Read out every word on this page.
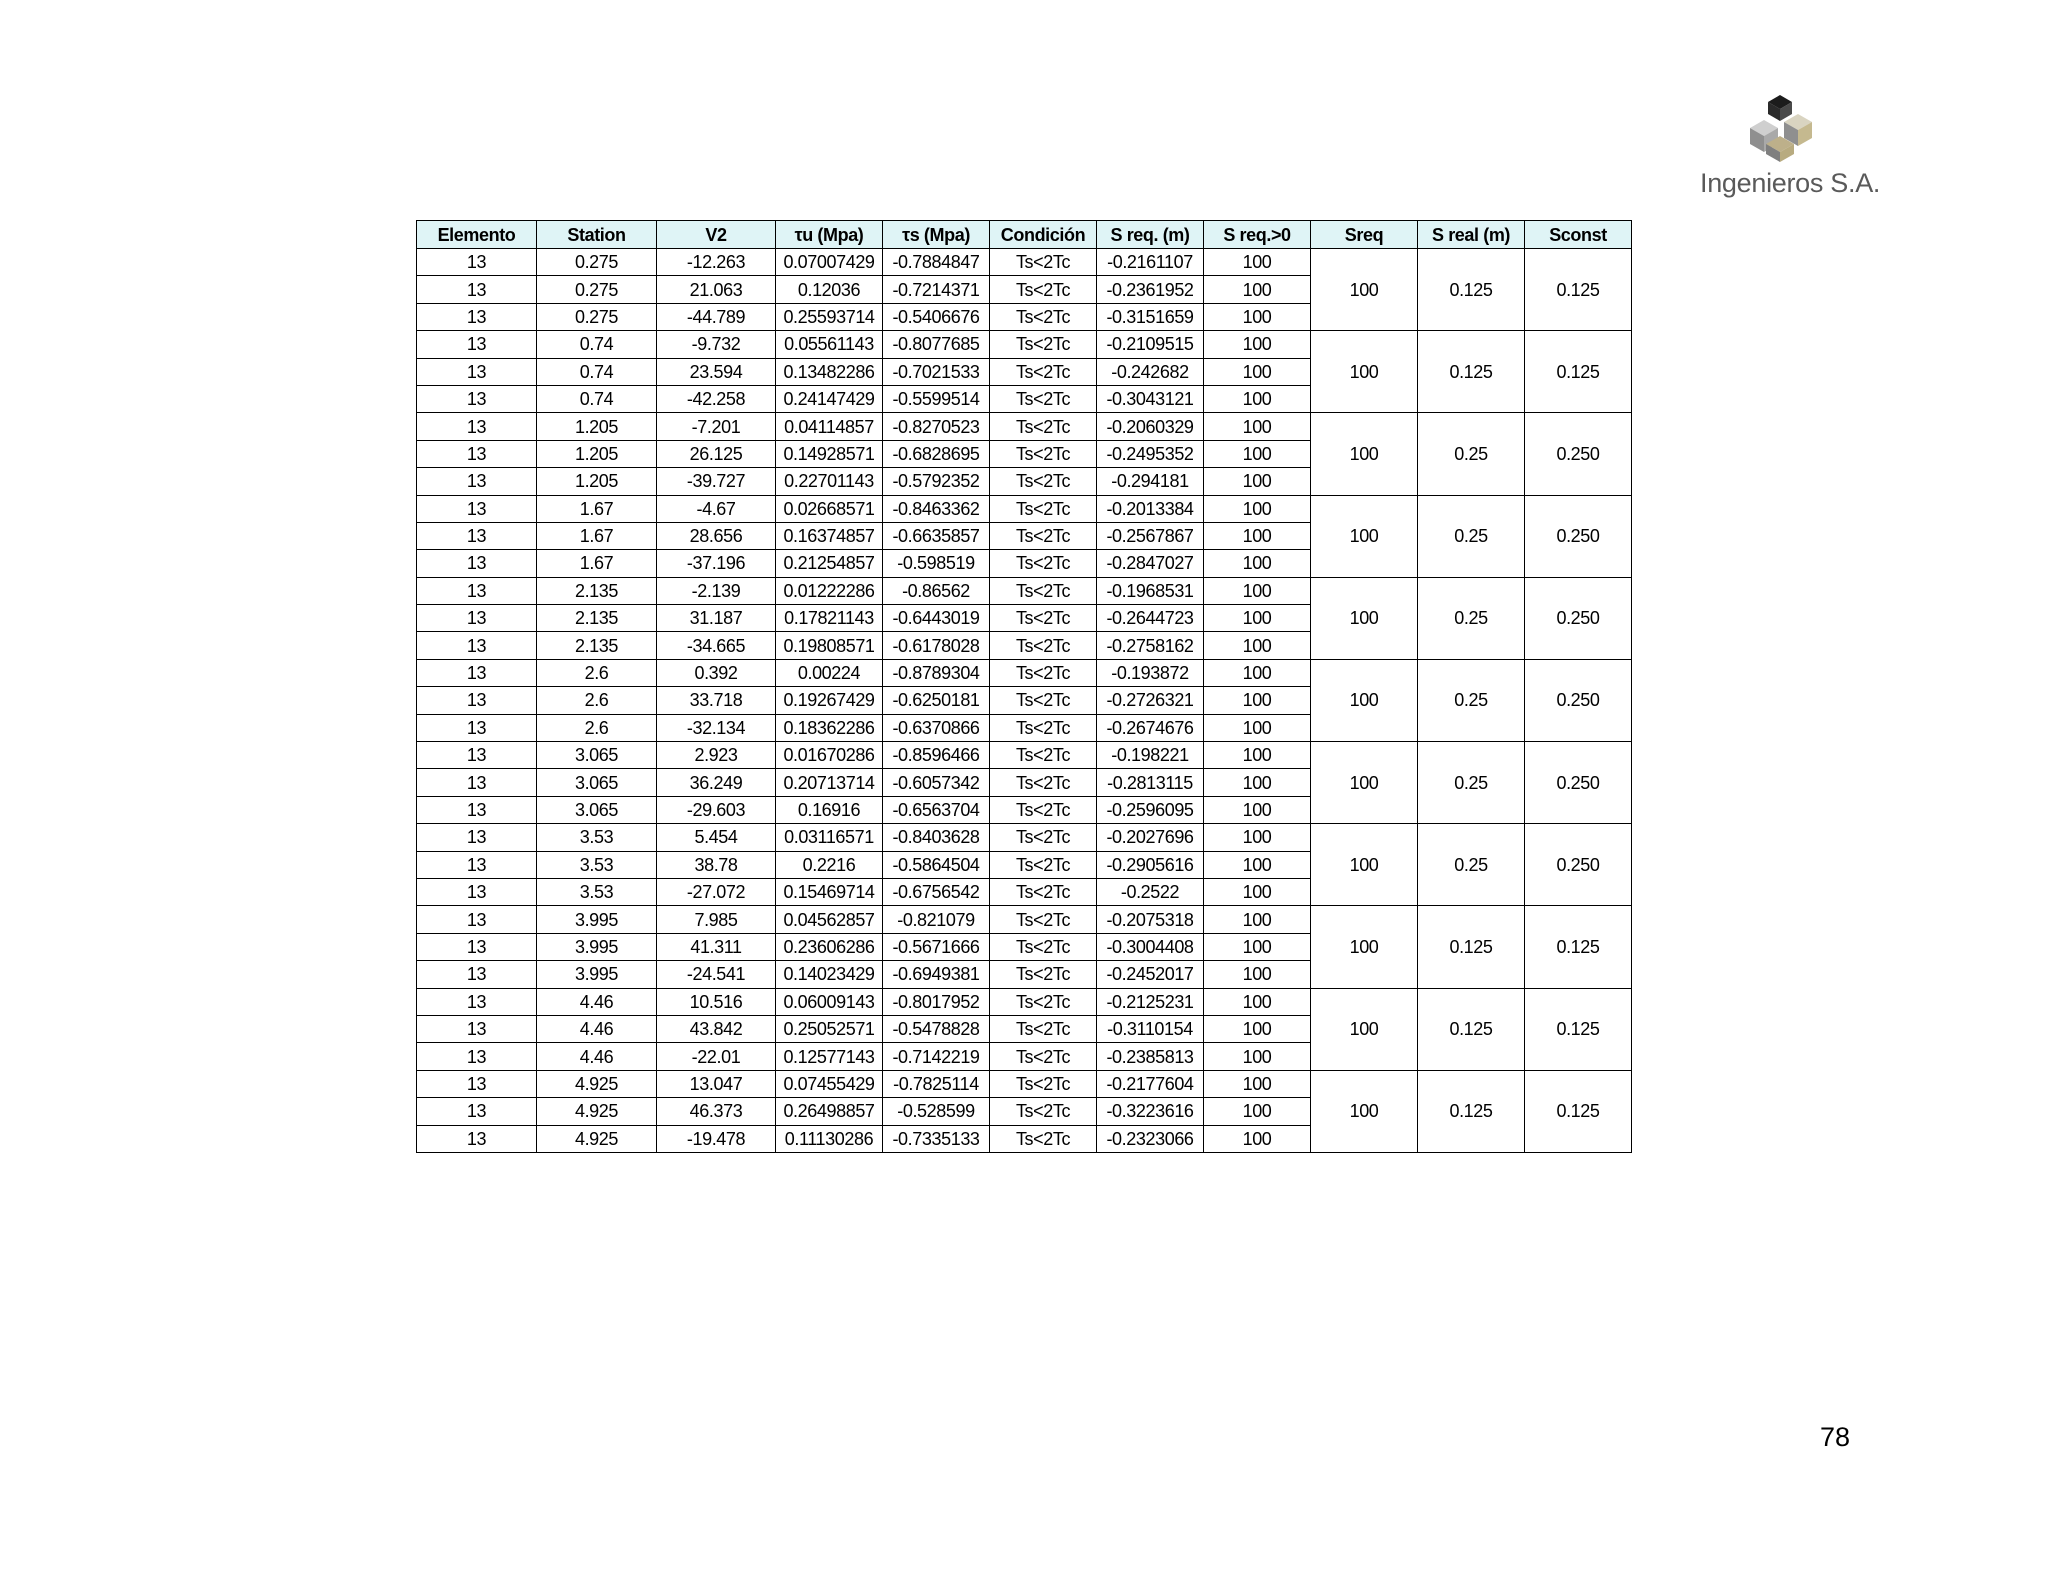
Ingenieros S.A.
Elemento	Station	V2	τu (Mpa)	τs (Mpa)	Condición	S req. (m)	S req.>0	Sreq	S real (m)	Sconst
13	0.275	-12.263	0.07007429	-0.7884847	Ts<2Tc	-0.2161107	100	100	0.125	0.125
13	0.275	21.063	0.12036	-0.7214371	Ts<2Tc	-0.2361952	100			
13	0.275	-44.789	0.25593714	-0.5406676	Ts<2Tc	-0.3151659	100			
13	0.74	-9.732	0.05561143	-0.8077685	Ts<2Tc	-0.2109515	100	100	0.125	0.125
13	0.74	23.594	0.13482286	-0.7021533	Ts<2Tc	-0.242682	100			
13	0.74	-42.258	0.24147429	-0.5599514	Ts<2Tc	-0.3043121	100			
13	1.205	-7.201	0.04114857	-0.8270523	Ts<2Tc	-0.2060329	100	100	0.25	0.250
13	1.205	26.125	0.14928571	-0.6828695	Ts<2Tc	-0.2495352	100			
13	1.205	-39.727	0.22701143	-0.5792352	Ts<2Tc	-0.294181	100			
13	1.67	-4.67	0.02668571	-0.8463362	Ts<2Tc	-0.2013384	100	100	0.25	0.250
13	1.67	28.656	0.16374857	-0.6635857	Ts<2Tc	-0.2567867	100			
13	1.67	-37.196	0.21254857	-0.598519	Ts<2Tc	-0.2847027	100			
13	2.135	-2.139	0.01222286	-0.86562	Ts<2Tc	-0.1968531	100	100	0.25	0.250
13	2.135	31.187	0.17821143	-0.6443019	Ts<2Tc	-0.2644723	100			
13	2.135	-34.665	0.19808571	-0.6178028	Ts<2Tc	-0.2758162	100			
13	2.6	0.392	0.00224	-0.8789304	Ts<2Tc	-0.193872	100	100	0.25	0.250
13	2.6	33.718	0.19267429	-0.6250181	Ts<2Tc	-0.2726321	100			
13	2.6	-32.134	0.18362286	-0.6370866	Ts<2Tc	-0.2674676	100			
13	3.065	2.923	0.01670286	-0.8596466	Ts<2Tc	-0.198221	100	100	0.25	0.250
13	3.065	36.249	0.20713714	-0.6057342	Ts<2Tc	-0.2813115	100			
13	3.065	-29.603	0.16916	-0.6563704	Ts<2Tc	-0.2596095	100			
13	3.53	5.454	0.03116571	-0.8403628	Ts<2Tc	-0.2027696	100	100	0.25	0.250
13	3.53	38.78	0.2216	-0.5864504	Ts<2Tc	-0.2905616	100			
13	3.53	-27.072	0.15469714	-0.6756542	Ts<2Tc	-0.2522	100			
13	3.995	7.985	0.04562857	-0.821079	Ts<2Tc	-0.2075318	100	100	0.125	0.125
13	3.995	41.311	0.23606286	-0.5671666	Ts<2Tc	-0.3004408	100			
13	3.995	-24.541	0.14023429	-0.6949381	Ts<2Tc	-0.2452017	100			
13	4.46	10.516	0.06009143	-0.8017952	Ts<2Tc	-0.2125231	100	100	0.125	0.125
13	4.46	43.842	0.25052571	-0.5478828	Ts<2Tc	-0.3110154	100			
13	4.46	-22.01	0.12577143	-0.7142219	Ts<2Tc	-0.2385813	100			
13	4.925	13.047	0.07455429	-0.7825114	Ts<2Tc	-0.2177604	100	100	0.125	0.125
13	4.925	46.373	0.26498857	-0.528599	Ts<2Tc	-0.3223616	100			
13	4.925	-19.478	0.11130286	-0.7335133	Ts<2Tc	-0.2323066	100			
78
